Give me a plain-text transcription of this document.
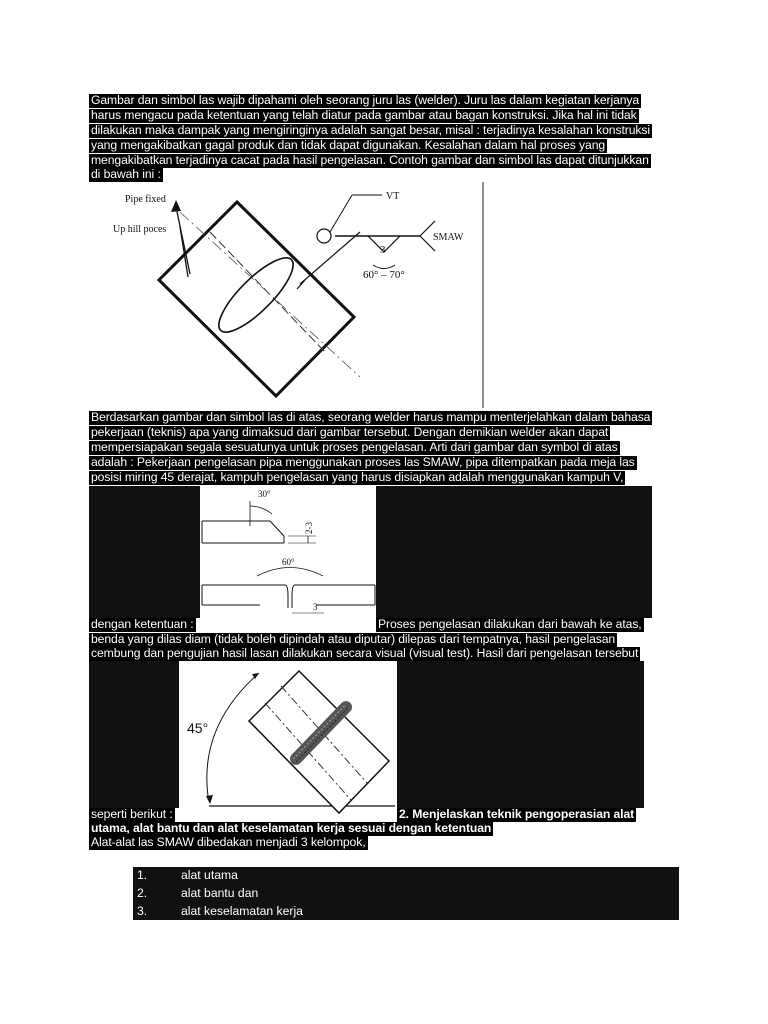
Gambar dan simbol las wajib dipahami oleh seorang juru las (welder). Juru las dalam kegiatan kerjanya
harus mengacu pada ketentuan yang telah diatur pada gambar atau bagan konstruksi. Jika hal ini tidak
dilakukan maka dampak yang mengiringinya adalah sangat besar, misal : terjadinya kesalahan konstruksi
yang mengakibatkan gagal produk dan tidak dapat digunakan. Kesalahan dalam hal proses yang
mengakibatkan terjadinya cacat pada hasil pengelasan. Contoh gambar dan simbol las dapat ditunjukkan
di bawah ini :
Pipe fixed
Up hill poces
VT
SMAW
3
60° – 70°
Berdasarkan gambar dan simbol las di atas, seorang welder harus mampu menterjelahkan dalam bahasa
pekerjaan (teknis) apa yang dimaksud dari gambar tersebut. Dengan demikian welder akan dapat
mempersiapakan segala sesuatunya untuk proses pengelasan. Arti dari gambar dan symbol di atas
adalah : Pekerjaan pengelasan pipa menggunakan proses las SMAW, pipa ditempatkan pada meja las
posisi miring 45 derajat, kampuh pengelasan yang harus disiapkan adalah menggunakan kampuh V,
30°
2-3
60°
3
dengan ketentuan :	Proses pengelasan dilakukan dari bawah ke atas,
benda yang dilas diam (tidak boleh dipindah atau diputar) dilepas dari tempatnya, hasil pengelasan
cembung dan pengujian hasil lasan dilakukan secara visual (visual test). Hasil dari pengelasan tersebut
45°
seperti berikut :	2. Menjelaskan teknik pengoperasian alat
utama, alat bantu dan alat keselamatan kerja sesuai dengan ketentuan
Alat-alat las SMAW dibedakan menjadi 3 kelompok,
1.	alat utama
2.	alat bantu dan
3.	alat keselamatan kerja
